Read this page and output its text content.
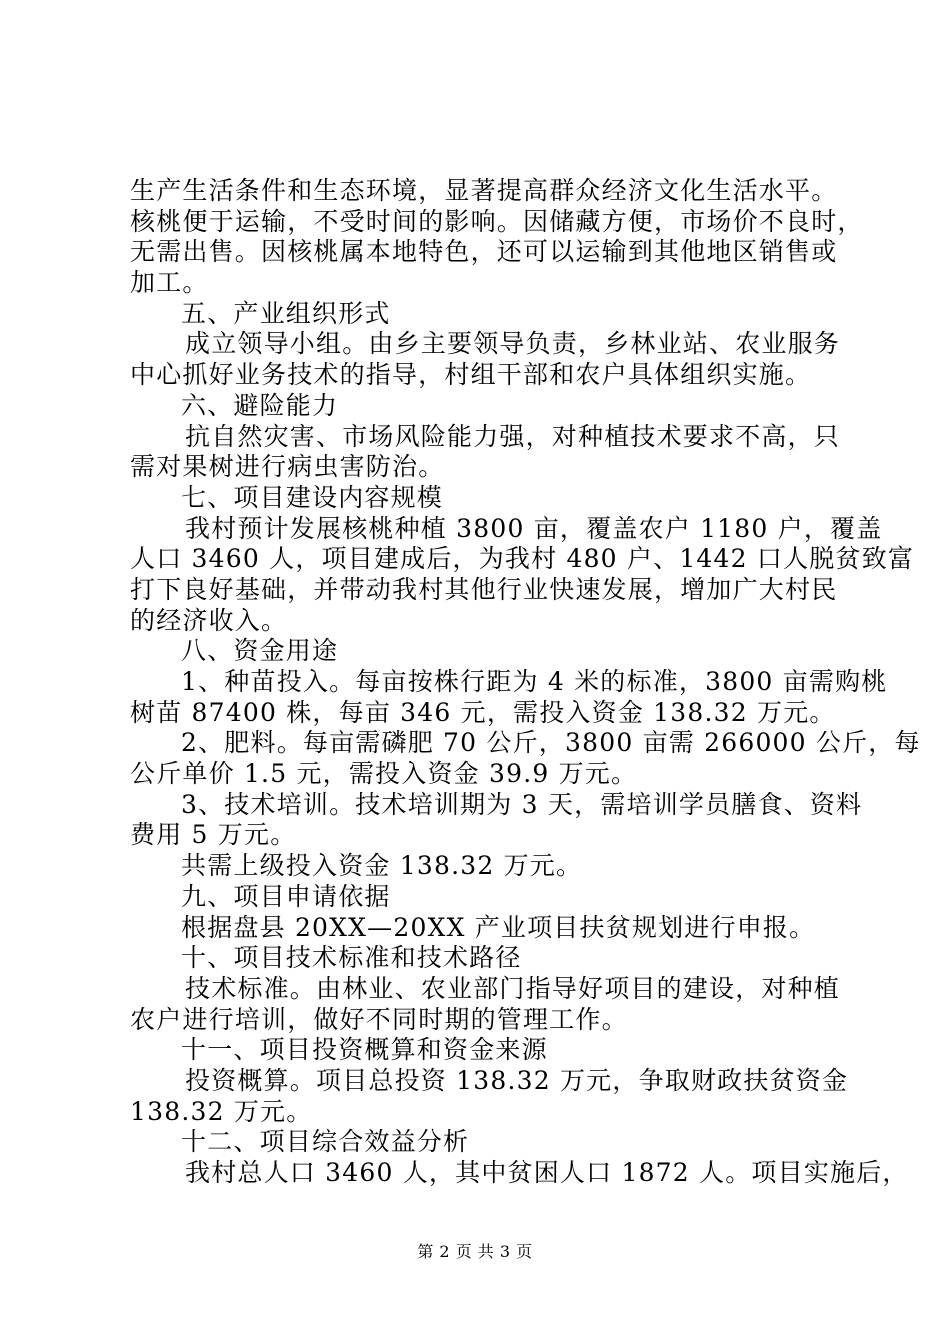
生产生活条件和生态环境，显著提高群众经济文化生活水平。
核桃便于运输，不受时间的影响。因储藏方便，市场价不良时，
无需出售。因核桃属本地特色，还可以运输到其他地区销售或
加工。
五、产业组织形式
成立领导小组。由乡主要领导负责，乡林业站、农业服务
中心抓好业务技术的指导，村组干部和农户具体组织实施。
六、避险能力
抗自然灾害、市场风险能力强，对种植技术要求不高，只
需对果树进行病虫害防治。
七、项目建设内容规模
我村预计发展核桃种植 3800 亩，覆盖农户 1180 户，覆盖
人口 3460 人，项目建成后，为我村 480 户、1442 口人脱贫致富
打下良好基础，并带动我村其他行业快速发展，增加广大村民
的经济收入。
八、资金用途
1、种苗投入。每亩按株行距为 4 米的标准，3800 亩需购桃
树苗 87400 株，每亩 346 元，需投入资金 138.32 万元。
2、肥料。每亩需磷肥 70 公斤，3800 亩需 266000 公斤，每
公斤单价 1.5 元，需投入资金 39.9 万元。
3、技术培训。技术培训期为 3 天，需培训学员膳食、资料
费用 5 万元。
共需上级投入资金 138.32 万元。
九、项目申请依据
根据盘县 20XX—20XX 产业项目扶贫规划进行申报。
十、项目技术标准和技术路径
技术标准。由林业、农业部门指导好项目的建设，对种植
农户进行培训，做好不同时期的管理工作。
十一、项目投资概算和资金来源
投资概算。项目总投资 138.32 万元，争取财政扶贫资金
138.32 万元。
十二、项目综合效益分析
我村总人口 3460 人，其中贫困人口 1872 人。项目实施后，
第 2 页 共 3 页
